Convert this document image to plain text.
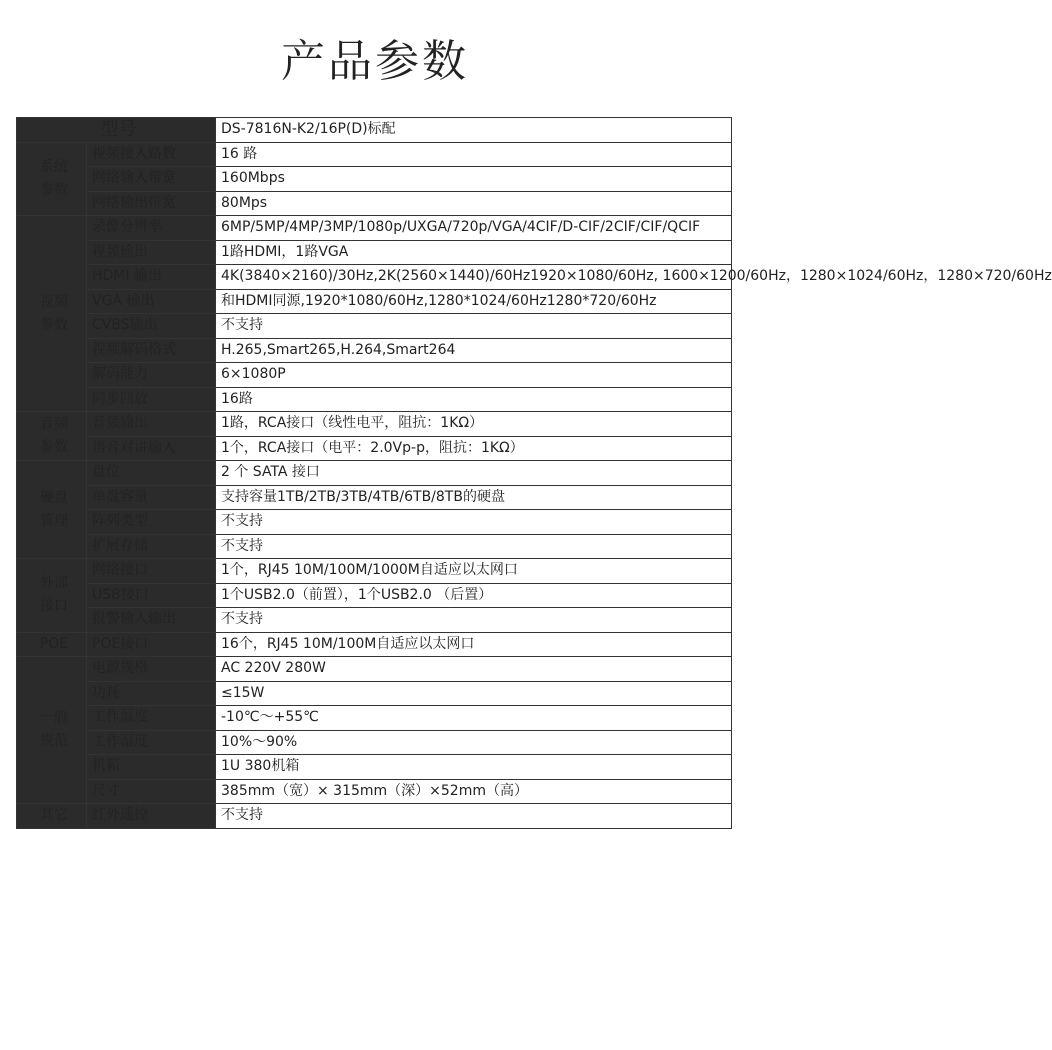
产品参数
型号		DS-7816N-K2/16P(D)标配

系统
参数	视频接入路数	16 路
	网络输入带宽	160Mbps
	网络输出带宽	80Mps

视频
参数	录像分辨率	6MP/5MP/4MP/3MP/1080p/UXGA/720p/VGA/4CIF/D-CIF/2CIF/CIF/QCIF
	视频输出	1路HDMI，1路VGA
	HDMI 输出	4K(3840×2160)/30Hz,2K(2560×1440)/60Hz1920×1080/60Hz, 1600×1200/60Hz，1280×1024/60Hz，1280×720/60Hz
	VGA 输出	和HDMI同源,1920*1080/60Hz,1280*1024/60Hz1280*720/60Hz
	CVBS输出	不支持
	视频解码格式	H.265,Smart265,H.264,Smart264
	解码能力	6×1080P
	同步回放	16路

音频
参数	音频输出	1路，RCA接口（线性电平，阻抗：1KΩ）
	语音对讲输入	1个，RCA接口（电平：2.0Vp-p，阻抗：1KΩ）

硬盘
管理	盘位	2 个 SATA 接口
	单盘容量	支持容量1TB/2TB/3TB/4TB/6TB/8TB的硬盘
	阵列类型	不支持
	扩展存储	不支持

外部
接口	网络接口	1个，RJ45 10M/100M/1000M自适应以太网口
	USB接口	1个USB2.0（前置），1个USB2.0 （后置）
	报警输入输出	不支持
POE	POE接口	16个，RJ45 10M/100M自适应以太网口

一般
规范	电源规格	AC 220V 280W
	功耗	≤15W
	工作温度	-10℃～+55℃
	工作湿度	10%～90%
	机箱	1U 380机箱
	尺寸	385mm（宽）× 315mm（深）×52mm（高）
其它	红外遥控	不支持
